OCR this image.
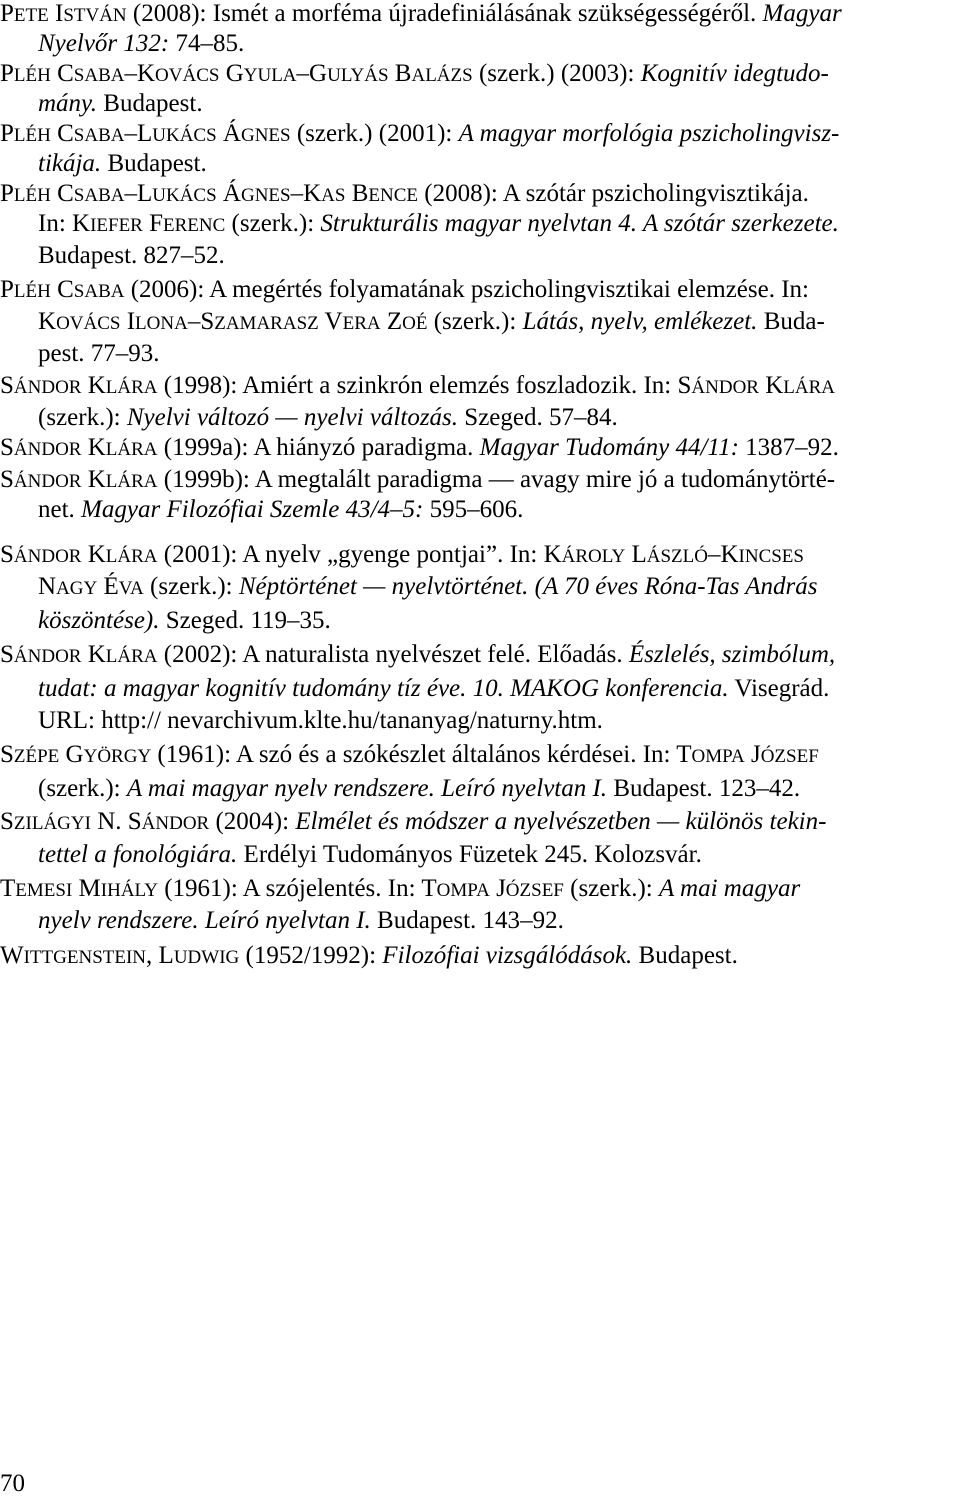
PETE ISTVÁN (2008): Ismét a morféma újradefiniálásának szükségességéről. Magyar
Nyelvőr 132: 74–85.
PLÉH CSABA–KOVÁCS GYULA–GULYÁS BALÁZS (szerk.) (2003): Kognitív idegtudo-
mány. Budapest.
PLÉH CSABA–LUKÁCS ÁGNES (szerk.) (2001): A magyar morfológia pszicholingvisz-
tikája. Budapest.
PLÉH CSABA–LUKÁCS ÁGNES–KAS BENCE (2008): A szótár pszicholingvisztikája.
In: KIEFER FERENC (szerk.): Strukturális magyar nyelvtan 4. A szótár szerkezete.
Budapest. 827–52.
PLÉH CSABA (2006): A megértés folyamatának pszicholingvisztikai elemzése. In:
KOVÁCS ILONA–SZAMARASZ VERA ZOÉ (szerk.): Látás, nyelv, emlékezet. Buda-
pest. 77–93.
SÁNDOR KLÁRA (1998): Amiért a szinkrón elemzés foszladozik. In: SÁNDOR KLÁRA
(szerk.): Nyelvi változó — nyelvi változás. Szeged. 57–84.
SÁNDOR KLÁRA (1999a): A hiányzó paradigma. Magyar Tudomány 44/11: 1387–92.
SÁNDOR KLÁRA (1999b): A megtalált paradigma — avagy mire jó a tudománytörté-
net. Magyar Filozófiai Szemle 43/4–5: 595–606.
SÁNDOR KLÁRA (2001): A nyelv „gyenge pontjai”. In: KÁROLY LÁSZLÓ–KINCSES
NAGY ÉVA (szerk.): Néptörténet — nyelvtörténet. (A 70 éves Róna-Tas András
köszöntése). Szeged. 119–35.
SÁNDOR KLÁRA (2002): A naturalista nyelvészet felé. Előadás. Észlelés, szimbólum,
tudat: a magyar kognitív tudomány tíz éve. 10. MAKOG konferencia. Visegrád.
URL: http:// nevarchivum.klte.hu/tananyag/naturny.htm.
SZÉPE GYÖRGY (1961): A szó és a szókészlet általános kérdései. In: TOMPA JÓZSEF
(szerk.): A mai magyar nyelv rendszere. Leíró nyelvtan I. Budapest. 123–42.
SZILÁGYI N. SÁNDOR (2004): Elmélet és módszer a nyelvészetben — különös tekin-
tettel a fonológiára. Erdélyi Tudományos Füzetek 245. Kolozsvár.
TEMESI MIHÁLY (1961): A szójelentés. In: TOMPA JÓZSEF (szerk.): A mai magyar
nyelv rendszere. Leíró nyelvtan I. Budapest. 143–92.
WITTGENSTEIN, LUDWIG (1952/1992): Filozófiai vizsgálódások. Budapest.
70
